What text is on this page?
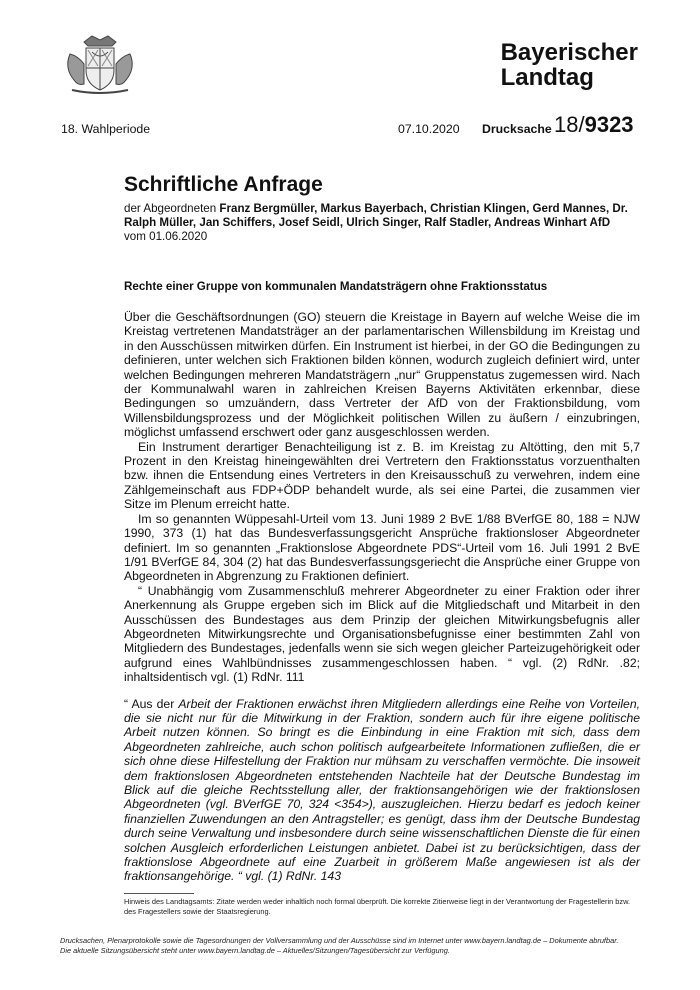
Bayerischer
Landtag
18. Wahlperiode	07.10.2020 Drucksache 18/9323
Schriftliche Anfrage
der Abgeordneten Franz Bergmüller, Markus Bayerbach, Christian Klingen, Gerd Mannes, Dr. Ralph Müller, Jan Schiffers, Josef Seidl, Ulrich Singer, Ralf Stadler, Andreas Winhart AfD
vom 01.06.2020
Rechte einer Gruppe von kommunalen Mandatsträgern ohne Fraktionsstatus

Über die Geschäftsordnungen (GO) steuern die Kreistage in Bayern auf welche Weise die im Kreistag vertretenen Mandatsträger an der parlamentarischen Willensbildung im Kreistag und in den Ausschüssen mitwirken dürfen. Ein Instrument ist hierbei, in der GO die Bedingungen zu definieren, unter welchen sich Fraktionen bilden können, wodurch zugleich definiert wird, unter welchen Bedingungen mehreren Mandatsträgern „nur“ Gruppenstatus zugemessen wird. Nach der Kommunalwahl waren in zahlreichen Kreisen Bayerns Aktivitäten erkennbar, diese Bedingungen so umzuändern, dass Vertreter der AfD von der Fraktionsbildung, vom Willensbildungsprozess und der Möglichkeit politischen Willen zu äußern / einzubringen, möglichst umfassend erschwert oder ganz ausgeschlossen werden.

Ein Instrument derartiger Benachteiligung ist z. B. im Kreistag zu Altötting, den mit 5,7 Prozent in den Kreistag hineingewählten drei Vertretern den Fraktionsstatus vorzuenthalten bzw. ihnen die Entsendung eines Vertreters in den Kreisausschuß zu verwehren, indem eine Zählgemeinschaft aus FDP+ÖDP behandelt wurde, als sei eine Partei, die zusammen vier Sitze im Plenum erreicht hatte.

Im so genannten Wüppesahl-Urteil vom 13. Juni 1989 2 BvE 1/88 BVerfGE 80, 188 = NJW 1990, 373 (1) hat das Bundesverfassungsgericht Ansprüche fraktionsloser Abgeordneter definiert. Im so genannten „Fraktionslose Abgeordnete PDS“-Urteil vom 16. Juli 1991 2 BvE 1/91 BVerfGE 84, 304 (2) hat das Bundesverfassungsgeriecht die Ansprüche einer Gruppe von Abgeordneten in Abgrenzung zu Fraktionen definiert.

“ Unabhängig vom Zusammenschluß mehrerer Abgeordneter zu einer Fraktion oder ihrer Anerkennung als Gruppe ergeben sich im Blick auf die Mitgliedschaft und Mitarbeit in den Ausschüssen des Bundestages aus dem Prinzip der gleichen Mitwirkungsbefugnis aller Abgeordneten Mitwirkungsrechte und Organisationsbefugnisse einer bestimmten Zahl von Mitgliedern des Bundestages, jedenfalls wenn sie sich wegen gleicher Parteizugehörigkeit oder aufgrund eines Wahlbündnisses zusammengeschlossen haben. “ vgl. (2) RdNr. .82; inhaltsidentisch vgl. (1) RdNr. 111

“ Aus der Arbeit der Fraktionen erwächst ihren Mitgliedern allerdings eine Reihe von Vorteilen, die sie nicht nur für die Mitwirkung in der Fraktion, sondern auch für ihre eigene politische Arbeit nutzen können. So bringt es die Einbindung in eine Fraktion mit sich, dass dem Abgeordneten zahlreiche, auch schon politisch aufgearbeitete Informationen zufließen, die er sich ohne diese Hilfestellung der Fraktion nur mühsam zu verschaffen vermöchte. Die insoweit dem fraktionslosen Abgeordneten entstehenden Nachteile hat der Deutsche Bundestag im Blick auf die gleiche Rechtsstellung aller, der fraktionsangehörigen wie der fraktionslosen Abgeordneten (vgl. BVerfGE 70, 324 <354>), auszugleichen. Hierzu bedarf es jedoch keiner finanziellen Zuwendungen an den Antragsteller; es genügt, dass ihm der Deutsche Bundestag durch seine Verwaltung und insbesondere durch seine wissenschaftlichen Dienste die für einen solchen Ausgleich erforderlichen Leistungen anbietet. Dabei ist zu berücksichtigen, dass der fraktionslose Abgeordnete auf eine Zuarbeit in größerem Maße angewiesen ist als der fraktionsangehörige. “ vgl. (1) RdNr. 143

Hinweis des Landtagsamts: Zitate werden weder inhaltlich noch formal überprüft. Die korrekte Zitierweise liegt in der Verantwortung der Fragestellerin bzw. des Fragestellers sowie der Staatsregierung.
Drucksachen, Plenarprotokolle sowie die Tagesordnungen der Vollversammlung und der Ausschüsse sind im Internet unter www.bayern.landtag.de – Dokumente abrufbar.
Die aktuelle Sitzungsübersicht steht unter www.bayern.landtag.de – Aktuelles/Sitzungen/Tagesübersicht zur Verfügung.
